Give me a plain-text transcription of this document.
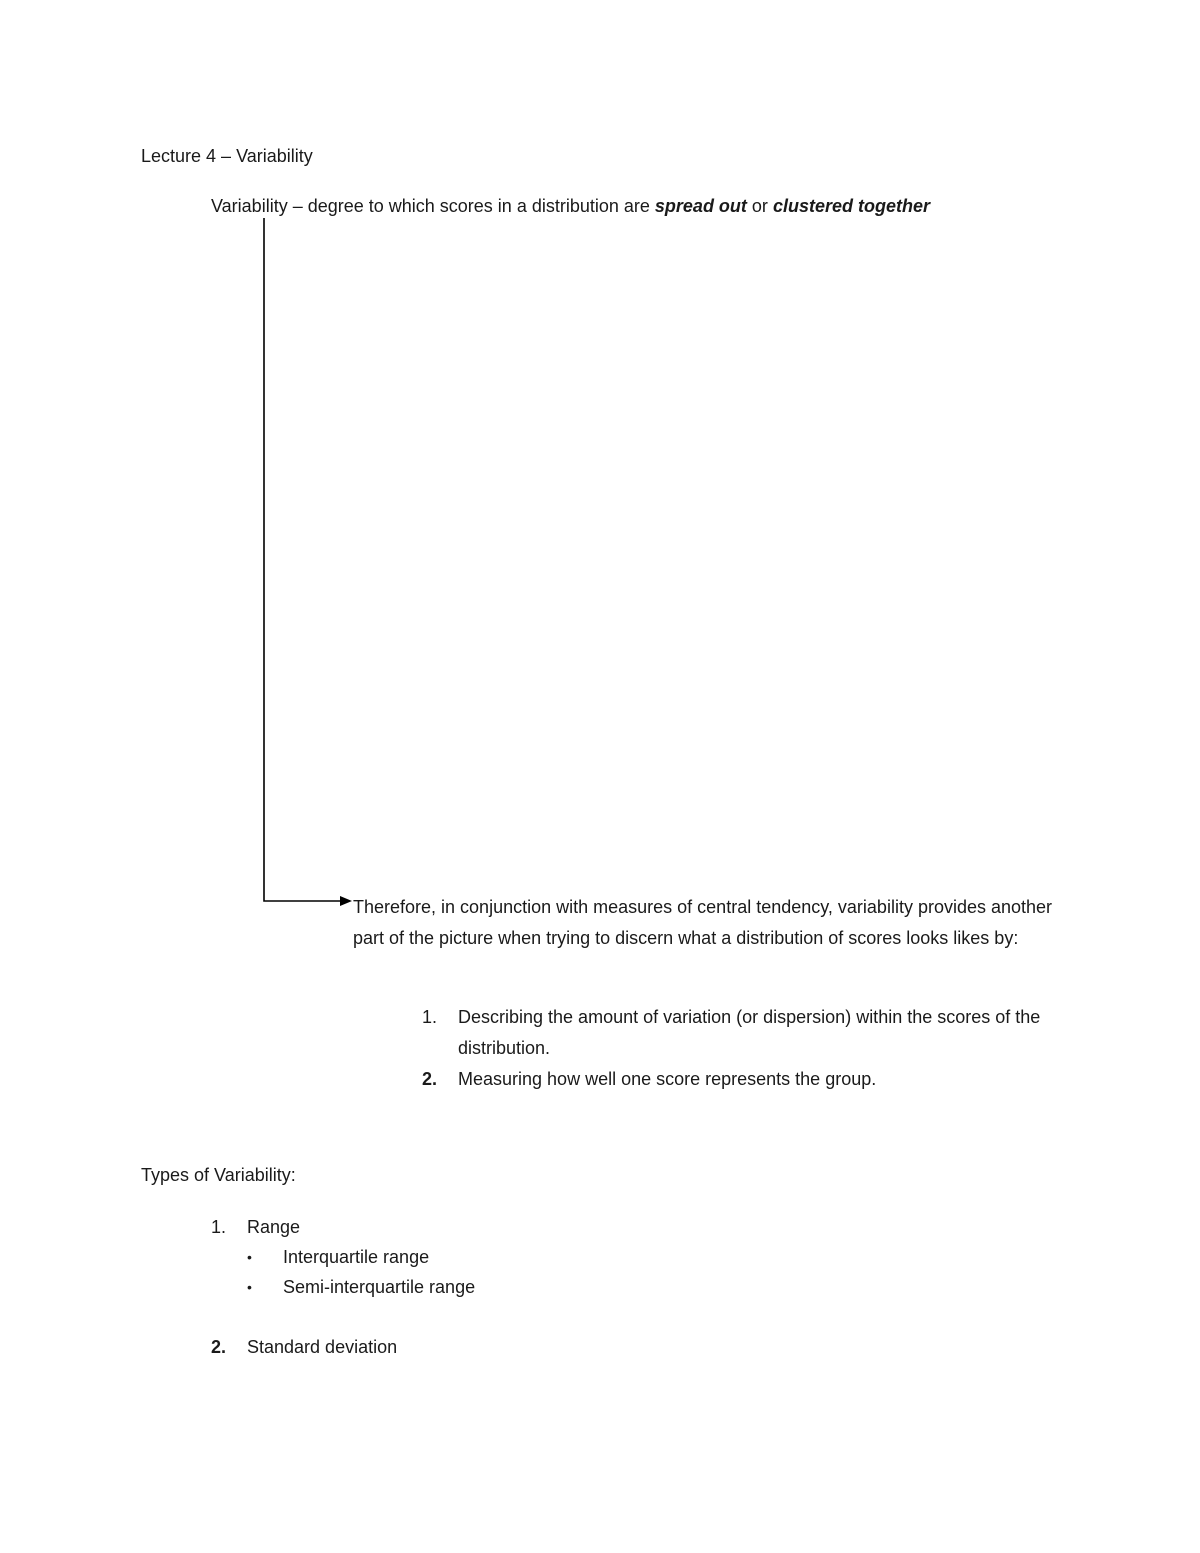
Lecture 4 – Variability
Variability – degree to which scores in a distribution are spread out or clustered together
Therefore, in conjunction with measures of central tendency, variability provides another part of the picture when trying to discern what a distribution of scores looks likes by:
1. Describing the amount of variation (or dispersion) within the scores of the distribution.
2. Measuring how well one score represents the group.
Types of Variability:
1. Range
• Interquartile range
• Semi-interquartile range
2. Standard deviation
